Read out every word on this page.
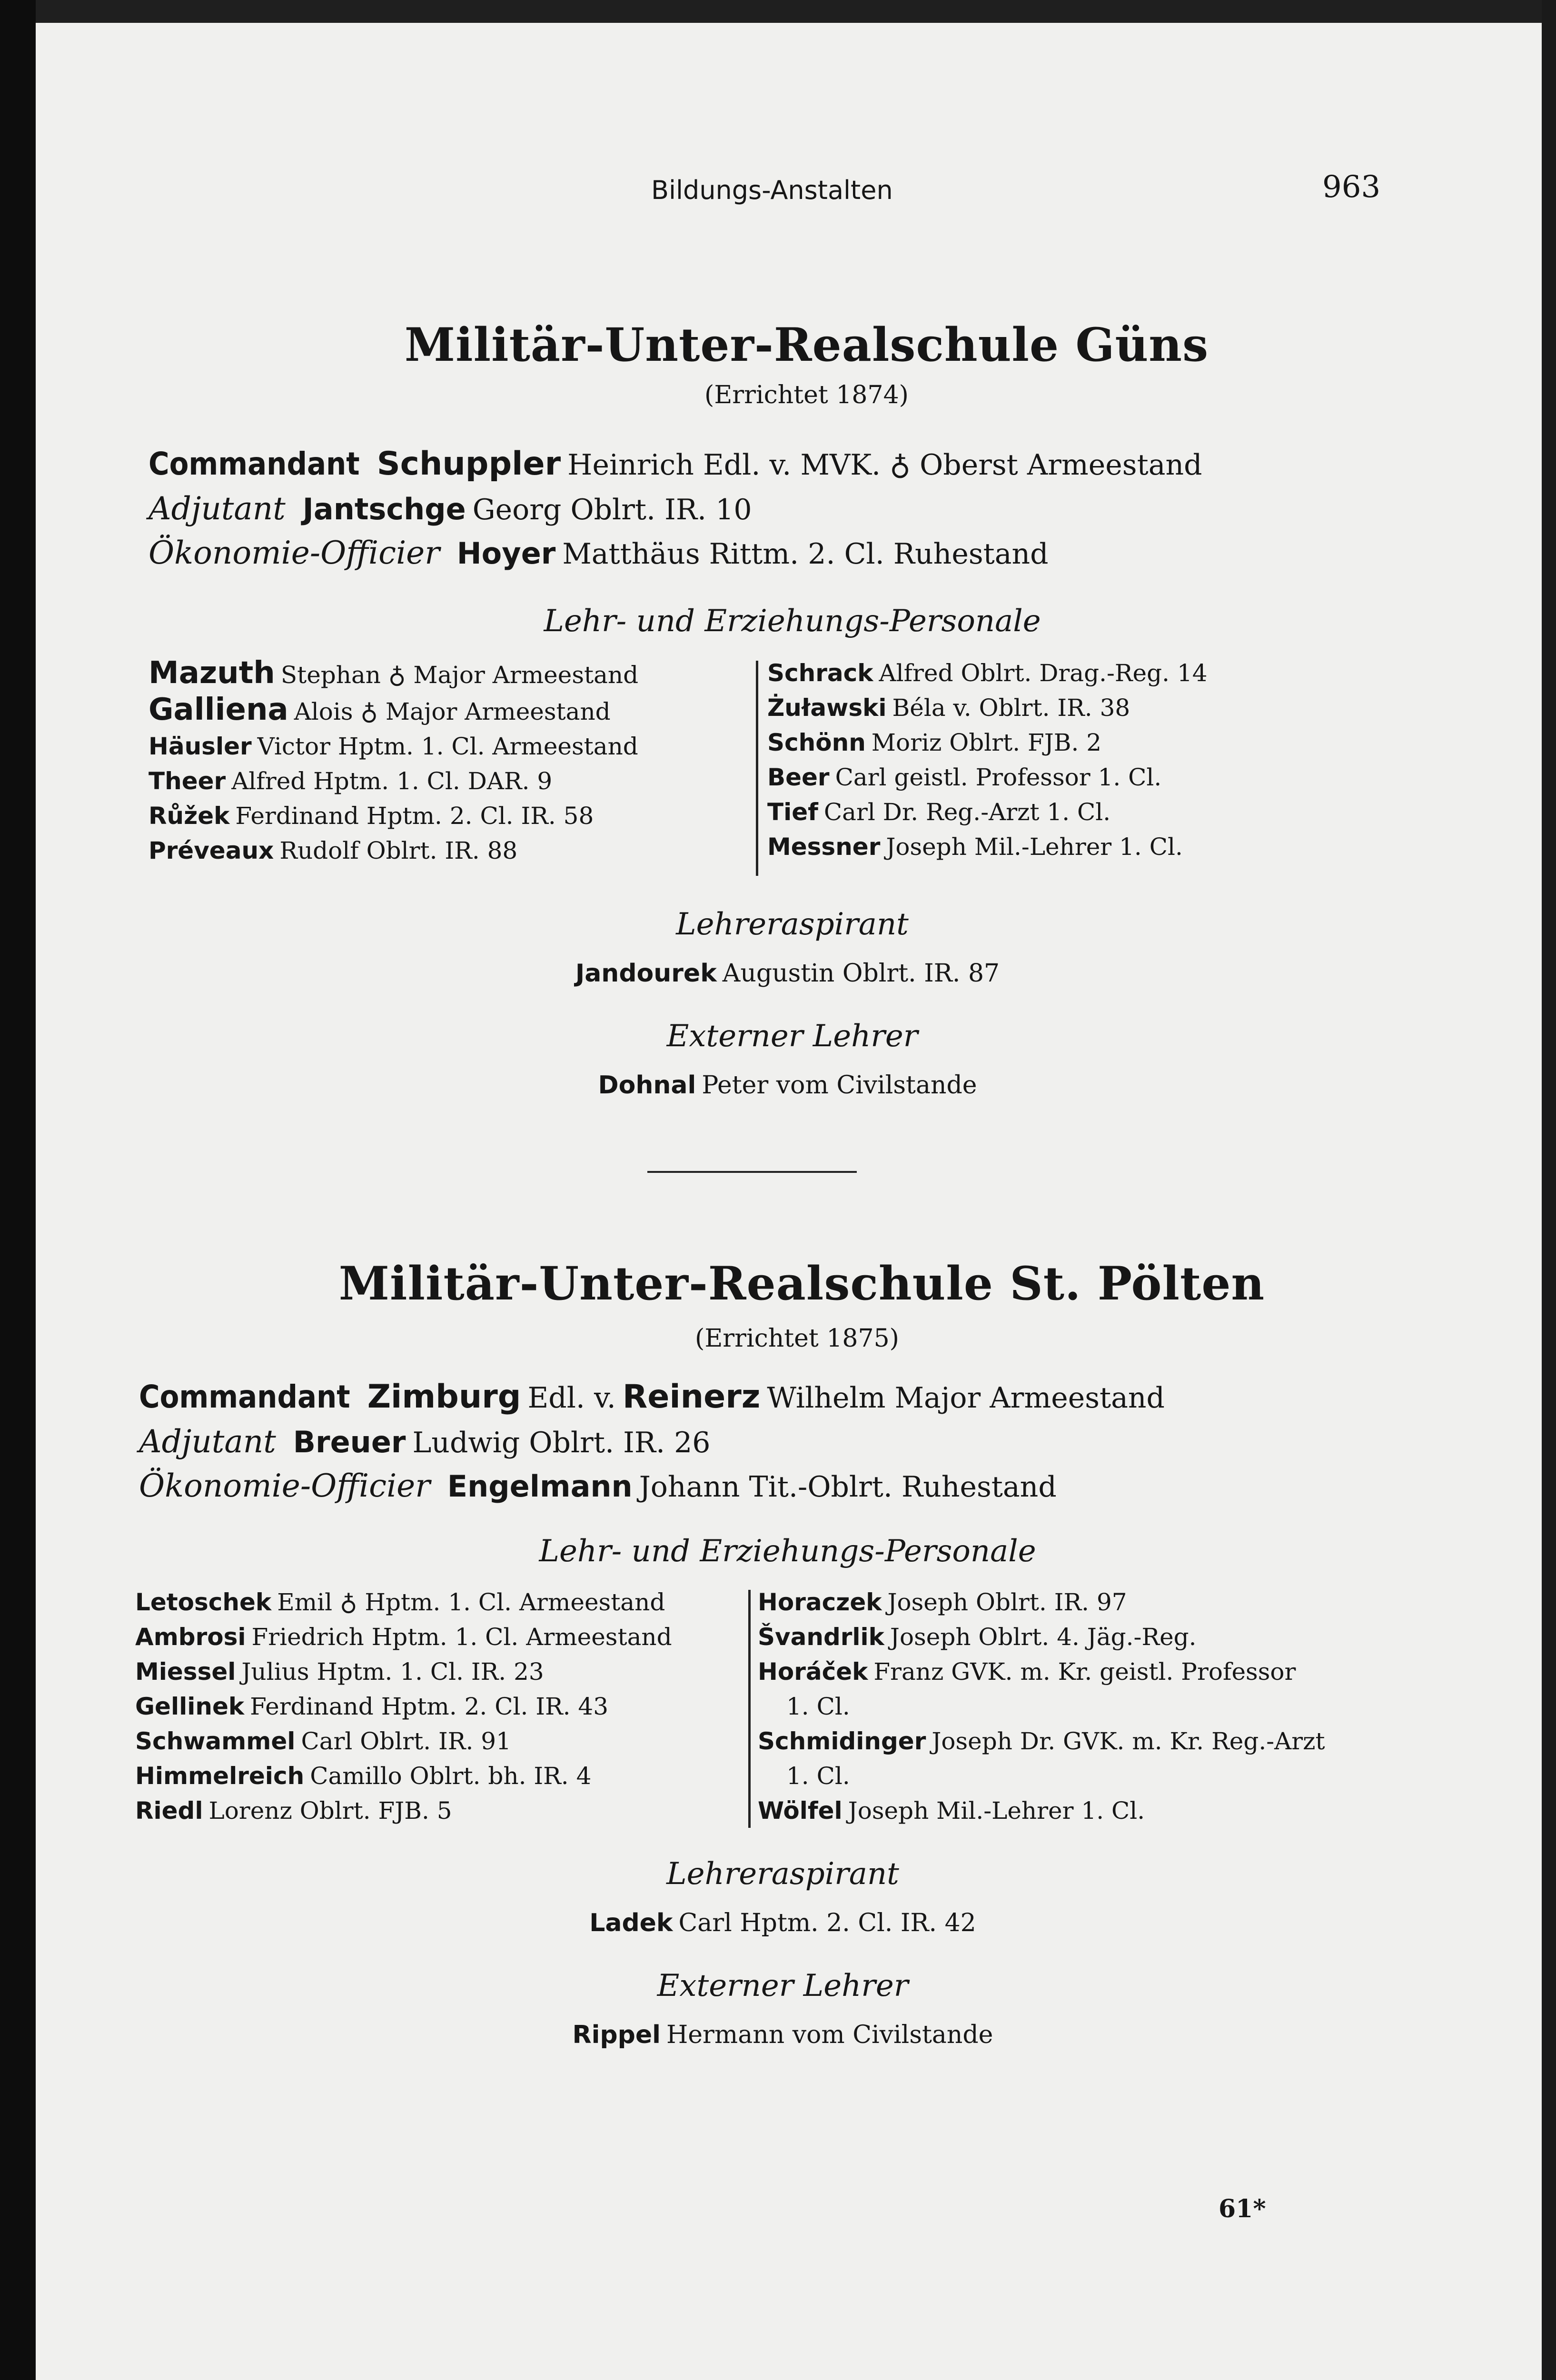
Bildungs-Anstalten	963
Militär-Unter-Realschule Güns
(Errichtet 1874)
Commandant Schuppler Heinrich Edl. v. MVK. ♁ Oberst Armeestand
Adjutant Jantschge Georg Oblrt. IR. 10
Ökonomie-Officier Hoyer Matthäus Rittm. 2. Cl. Ruhestand
Lehr- und Erziehungs-Personale
Mazuth Stephan ♁ Major Armeestand
Galliena Alois ♁ Major Armeestand
Häusler Victor Hptm. 1. Cl. Armeestand
Theer Alfred Hptm. 1. Cl. DAR. 9
Růžek Ferdinand Hptm. 2. Cl. IR. 58
Préveaux Rudolf Oblrt. IR. 88
Schrack Alfred Oblrt. Drag.-Reg. 14
Żuławski Béla v. Oblrt. IR. 38
Schönn Moriz Oblrt. FJB. 2
Beer Carl geistl. Professor 1. Cl.
Tief Carl Dr. Reg.-Arzt 1. Cl.
Messner Joseph Mil.-Lehrer 1. Cl.
Lehreraspirant
Jandourek Augustin Oblrt. IR. 87
Externer Lehrer
Dohnal Peter vom Civilstande
Militär-Unter-Realschule St. Pölten
(Errichtet 1875)
Commandant Zimburg Edl. v. Reinerz Wilhelm Major Armeestand
Adjutant Breuer Ludwig Oblrt. IR. 26
Ökonomie-Officier Engelmann Johann Tit.-Oblrt. Ruhestand
Lehr- und Erziehungs-Personale
Letoschek Emil ♁ Hptm. 1. Cl. Armeestand
Ambrosi Friedrich Hptm. 1. Cl. Armeestand
Miessel Julius Hptm. 1. Cl. IR. 23
Gellinek Ferdinand Hptm. 2. Cl. IR. 43
Schwammel Carl Oblrt. IR. 91
Himmelreich Camillo Oblrt. bh. IR. 4
Riedl Lorenz Oblrt. FJB. 5
Horaczek Joseph Oblrt. IR. 97
Švandrlik Joseph Oblrt. 4. Jäg.-Reg.
Horáček Franz GVK. m. Kr. geistl. Professor
1. Cl.
Schmidinger Joseph Dr. GVK. m. Kr. Reg.-Arzt
1. Cl.
Wölfel Joseph Mil.-Lehrer 1. Cl.
Lehreraspirant
Ladek Carl Hptm. 2. Cl. IR. 42
Externer Lehrer
Rippel Hermann vom Civilstande
61*
